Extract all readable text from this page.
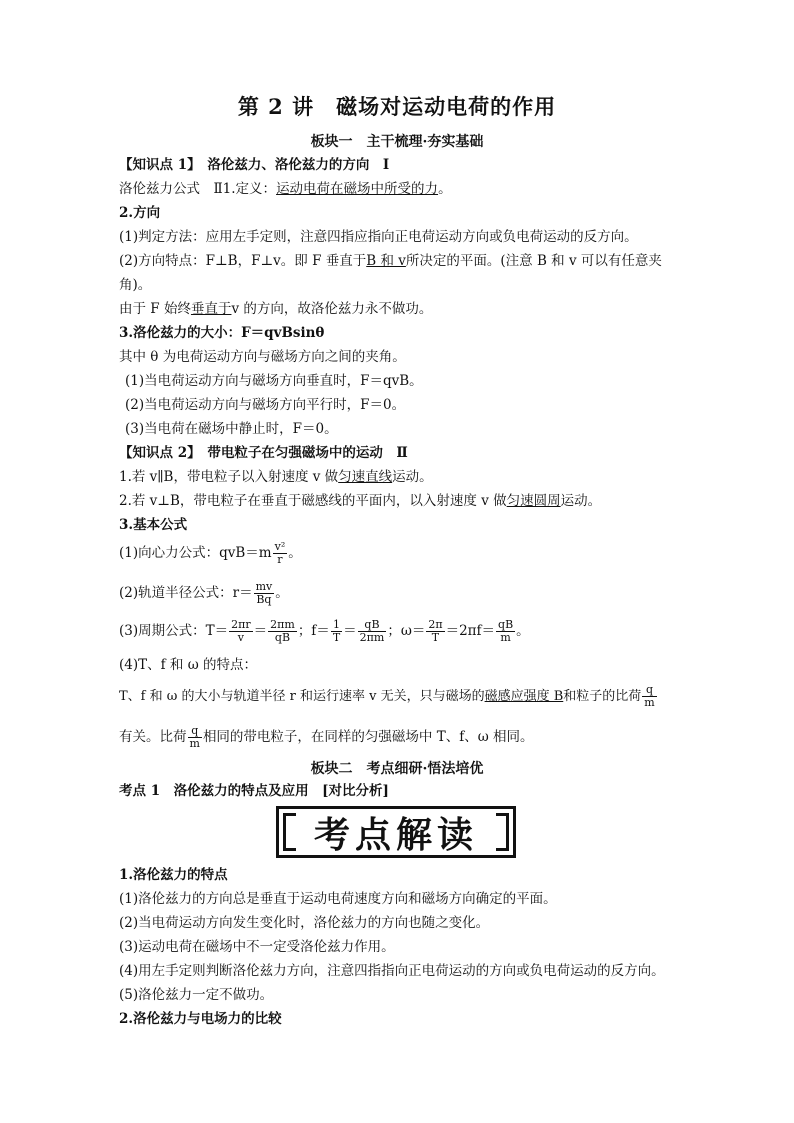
第 2 讲　磁场对运动电荷的作用
板块一　主干梳理·夯实基础
【知识点 1】　洛伦兹力、洛伦兹力的方向　Ⅰ
洛伦兹力公式　Ⅱ1.定义：运动电荷在磁场中所受的力。
2.方向
(1)判定方法：应用左手定则，注意四指应指向正电荷运动方向或负电荷运动的反方向。
(2)方向特点：F⊥B，F⊥v。即 F 垂直于B 和 v所决定的平面。(注意 B 和 v 可以有任意夹
角)。
由于 F 始终垂直于v 的方向，故洛伦兹力永不做功。
3.洛伦兹力的大小：F＝qvBsinθ
其中 θ 为电荷运动方向与磁场方向之间的夹角。
(1)当电荷运动方向与磁场方向垂直时，F＝qvB。
(2)当电荷运动方向与磁场方向平行时，F＝0。
(3)当电荷在磁场中静止时，F＝0。
【知识点 2】　带电粒子在匀强磁场中的运动　Ⅱ
1.若 v∥B，带电粒子以入射速度 v 做匀速直线运动。
2.若 v⊥B，带电粒子在垂直于磁感线的平面内，以入射速度 v 做匀速圆周运动。
3.基本公式
(1)向心力公式：$qvB=m \frac{\text{v²}}{r}$ 。
(2)轨道半径公式：$r= \frac{mv}{Bq}$ 。
(3)周期公式：$T= \frac{2\pi r}{v} = \frac{2\pi m}{qB}$ ；$f= \frac{1}{T} = \frac{qB}{2\pi m}$ ；$\omega= \frac{2\pi}{T} =2\pi f= \frac{qB}{m}$ 。
(4)T、f 和 ω 的特点：
T、f 和 ω 的大小与轨道半径 r 和运行速率 v 无关，只与磁场的磁感应强度 B和粒子的比荷 $\frac{q}{m}$
有关。比荷 $\frac{q}{m}$ 相同的带电粒子，在同样的匀强磁场中 T、f、ω 相同。
板块二　考点细研·悟法培优
考点 1　洛伦兹力的特点及应用　[对比分析]
考点解读
1.洛伦兹力的特点
(1)洛伦兹力的方向总是垂直于运动电荷速度方向和磁场方向确定的平面。
(2)当电荷运动方向发生变化时，洛伦兹力的方向也随之变化。
(3)运动电荷在磁场中不一定受洛伦兹力作用。
(4)用左手定则判断洛伦兹力方向，注意四指指向正电荷运动的方向或负电荷运动的反方向。
(5)洛伦兹力一定不做功。
2.洛伦兹力与电场力的比较
